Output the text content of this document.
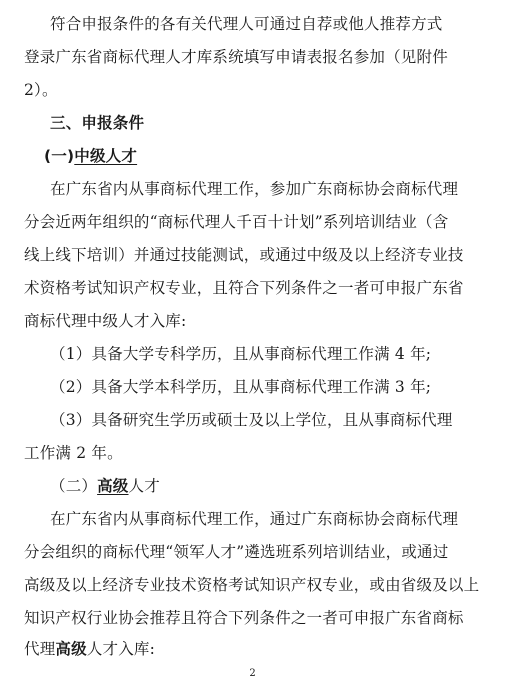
符合申报条件的各有关代理人可通过自荐或他人推荐方式
登录广东省商标代理人才库系统填写申请表报名参加（见附件
2）。
三、申报条件
(一)中级人才
在广东省内从事商标代理工作，参加广东商标协会商标代理
分会近两年组织的“商标代理人千百十计划”系列培训结业（含
线上线下培训）并通过技能测试，或通过中级及以上经济专业技
术资格考试知识产权专业，且符合下列条件之一者可申报广东省
商标代理中级人才入库:
（1）具备大学专科学历，且从事商标代理工作满 4 年;
（2）具备大学本科学历，且从事商标代理工作满 3 年;
（3）具备研究生学历或硕士及以上学位，且从事商标代理
工作满 2 年。
（二）高级人才
在广东省内从事商标代理工作，通过广东商标协会商标代理
分会组织的商标代理“领军人才”遴选班系列培训结业，或通过
高级及以上经济专业技术资格考试知识产权专业，或由省级及以上
知识产权行业协会推荐且符合下列条件之一者可申报广东省商标
代理高级人才入库:
2
